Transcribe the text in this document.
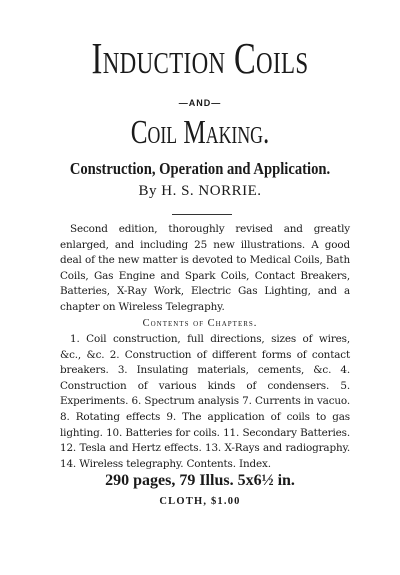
Induction Coils
—AND—
Coil Making.
Construction, Operation and Application.
By H. S. NORRIE.
Second edition, thoroughly revised and greatly enlarged, and including 25 new illustrations. A good deal of the new matter is devoted to Medical Coils, Bath Coils, Gas Engine and Spark Coils, Contact Breakers, Batteries, X-Ray Work, Electric Gas Lighting, and a chapter on Wireless Telegraphy.
Contents of Chapters.
1. Coil construction, full directions, sizes of wires, &c., &c. 2. Construction of different forms of contact breakers. 3. Insulating materials, cements, &c. 4. Construction of various kinds of condensers. 5. Experiments. 6. Spectrum analysis 7. Currents in vacuo. 8. Rotating effects 9. The application of coils to gas lighting. 10. Batteries for coils. 11. Secondary Batteries. 12. Tesla and Hertz effects. 13. X-Rays and radiography. 14. Wireless telegraphy. Contents. Index.
290 pages, 79 Illus. 5x6½ in.
CLOTH, $1.00
